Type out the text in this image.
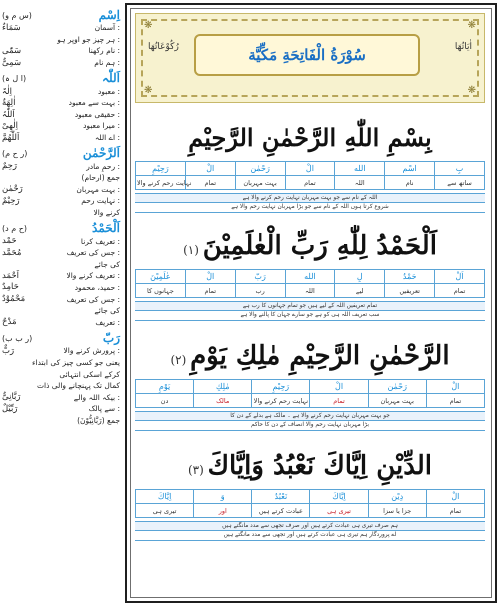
(س م و)	اِسْم
سَمَاءٌ	: آسمان
: ہر چیز جو اوپر ہو
سَمّٰی	: نام رکھنا
سَمِیٌّ	: ہم نام
(ا ل ہ)	اَللّٰہ
اِلٰہٌ	: معبود
اٰلِهَةٌ	: بہت سے معبود
اَللّٰہُ	: حقیقی معبود
اِلٰهِیْ	: میرا معبود
اَللّٰهُمَّ	: اے اللہ
(ر ح م)	اَلرَّحْمٰن
رَحِمٌ	: رحمِ مادر
جمع (ارحام)
رَحْمٰن	: بہت مہربان
رَحِیْمٌ	: نہایت رحم
کرنے والا
(ح م د)	اَلْحَمْدُ
حَمْد	: تعریف کرنا
مُحَمَّد	: جس کی تعریف
کی جائے
اَحْمَد	: تعریف کرنے والا
حَامِدٌ	: حمید، محمود
مَحْمُوْدٌ	: جس کی تعریف
کی جائے
مَدْحٌ	: تعریف
(ر ب ب)	رَبّ
رَبٌّ	: پرورش کرنے والا
یعنی جو کسی چیز کی ابتداء
کرکے اسکی انتہائی
کمال تک پہنچانے والی ذات
رَبَّانِیٌّ	: بیکہ اللہ والے
رَبِّیْلٌ	: سے پالک
جمع (رَبَّانِیُّوْنَ)
❋	❋
❋	❋
رُكُوْعَاتُهَا	سُوْرَةُ الْفَاتِحَةِ مَكِّيَّة	اٰيَاتُهَا
بِسْمِ اللّٰهِ الرَّحْمٰنِ الرَّحِيْمِ
رَحِيْمِ	الْ	رَحْمٰن	الْ	الله	اسْم	بِ
نہایت رحم کرنے والا	تمام	بہت مہربان	تمام	اللہ	نام	ساتھ سے
اللہ کے نام سے جو بہت مہربان نہایت رحم کرنے والا ہے
شروع کرتا ہوں اللہ کے نام سے جو بڑا مہربان نہایت رحم والا ہے
اَلْحَمْدُ لِلّٰهِ رَبِّ الْعٰلَمِيْنَ (١)
عٰلَمِيْنَ	الْ	رَبّ	الله	لِ	حَمْدُ	اَلْ
جہانوں کا	تمام	رب	اللہ	لیے	تعریفیں	تمام
تمام تعریفیں اللہ کے لیے ہیں جو تمام جہانوں کا رب ہے
سب تعریف اللہ ہی کو ہے جو سارے جہان کا پالنے والا ہے
الرَّحْمٰنِ الرَّحِيْمِ مٰلِكِ يَوْمِ (٢)
يَوْمِ	مٰلِكِ	رَحِيْمِ	الْ	رَحْمٰن	الْ
دن	مالک	نہایت رحم کرنے والا	تمام	بہت مہربان	تمام
جو بہت مہربان نہایت رحم کرنے والا ہے ۔ مالک ہے بدلے کے دن کا
بڑا مہربان نہایت رحم والا انصاف کے دن کا حاکم
الدِّيْنِ اِيَّاكَ نَعْبُدُ وَاِيَّاكَ (٣)
اِيَّاكَ	وَ	نَعْبُدُ	اِيَّاكَ	دِيْن	الْ
تیری ہی	اور	عبادت کرتے ہیں	تیری ہی	جزا یا سزا	تمام
ہم صرف تیری ہی عبادت کرتے ہیں اور صرف تجھی سے مدد مانگتے ہیں
اے پروردگار ہم تیری ہی عبادت کرتے ہیں اور تجھی سے مدد مانگتے ہیں
